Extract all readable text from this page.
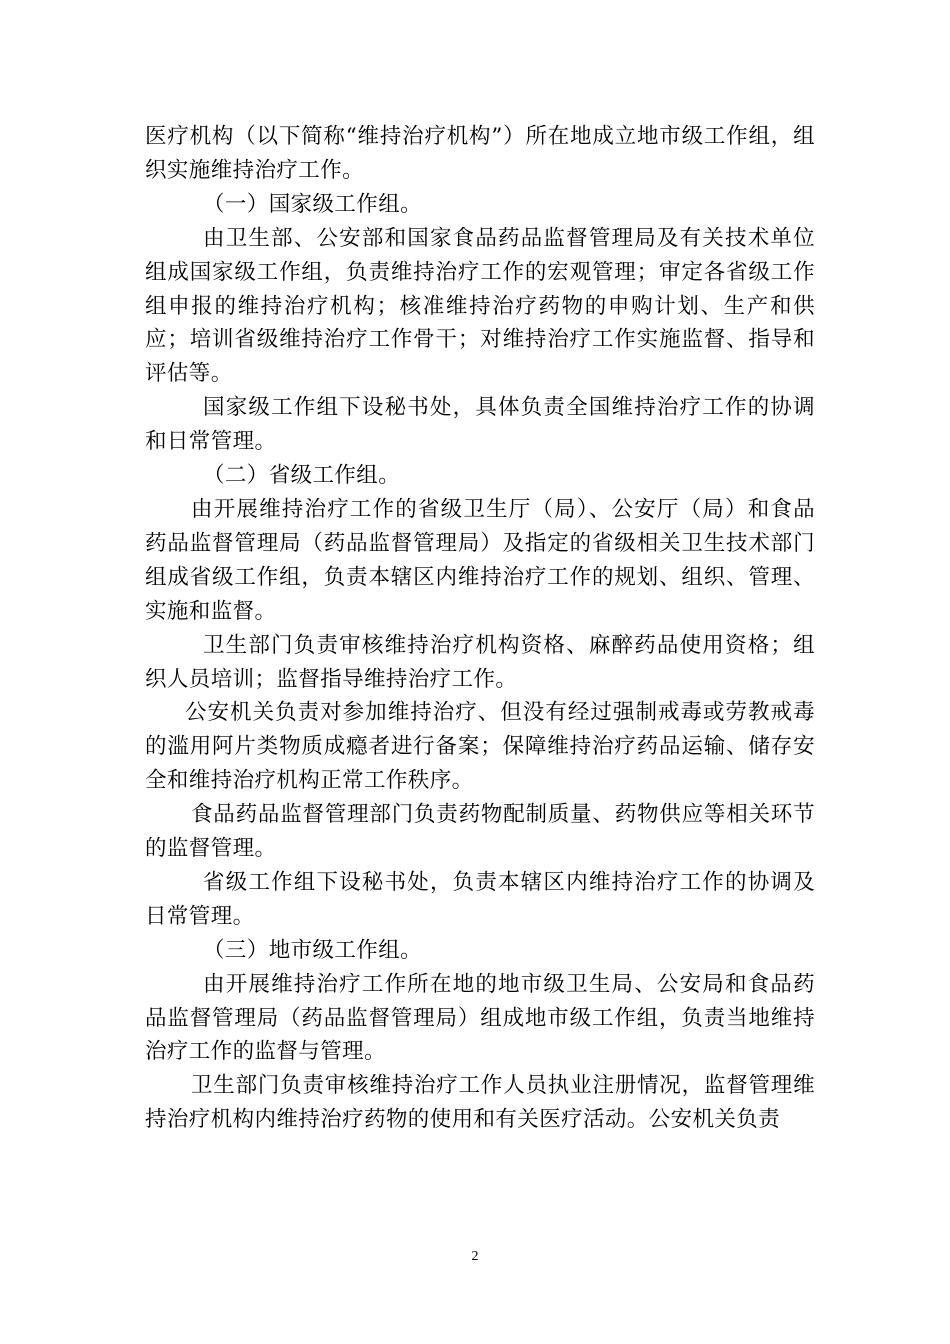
医疗机构（以下简称“维持治疗机构”）所在地成立地市级工作组，组织实施维持治疗工作。

（一）国家级工作组。

由卫生部、公安部和国家食品药品监督管理局及有关技术单位组成国家级工作组，负责维持治疗工作的宏观管理；审定各省级工作组申报的维持治疗机构；核准维持治疗药物的申购计划、生产和供应；培训省级维持治疗工作骨干；对维持治疗工作实施监督、指导和评估等。

国家级工作组下设秘书处，具体负责全国维持治疗工作的协调和日常管理。

（二）省级工作组。

由开展维持治疗工作的省级卫生厅（局）、公安厅（局）和食品药品监督管理局（药品监督管理局）及指定的省级相关卫生技术部门组成省级工作组，负责本辖区内维持治疗工作的规划、组织、管理、实施和监督。

卫生部门负责审核维持治疗机构资格、麻醉药品使用资格；组织人员培训；监督指导维持治疗工作。

公安机关负责对参加维持治疗、但没有经过强制戒毒或劳教戒毒的滥用阿片类物质成瘾者进行备案；保障维持治疗药品运输、储存安全和维持治疗机构正常工作秩序。

食品药品监督管理部门负责药物配制质量、药物供应等相关环节的监督管理。

省级工作组下设秘书处，负责本辖区内维持治疗工作的协调及日常管理。

（三）地市级工作组。

由开展维持治疗工作所在地的地市级卫生局、公安局和食品药品监督管理局（药品监督管理局）组成地市级工作组，负责当地维持治疗工作的监督与管理。

卫生部门负责审核维持治疗工作人员执业注册情况，监督管理维持治疗机构内维持治疗药物的使用和有关医疗活动。公安机关负责

2
